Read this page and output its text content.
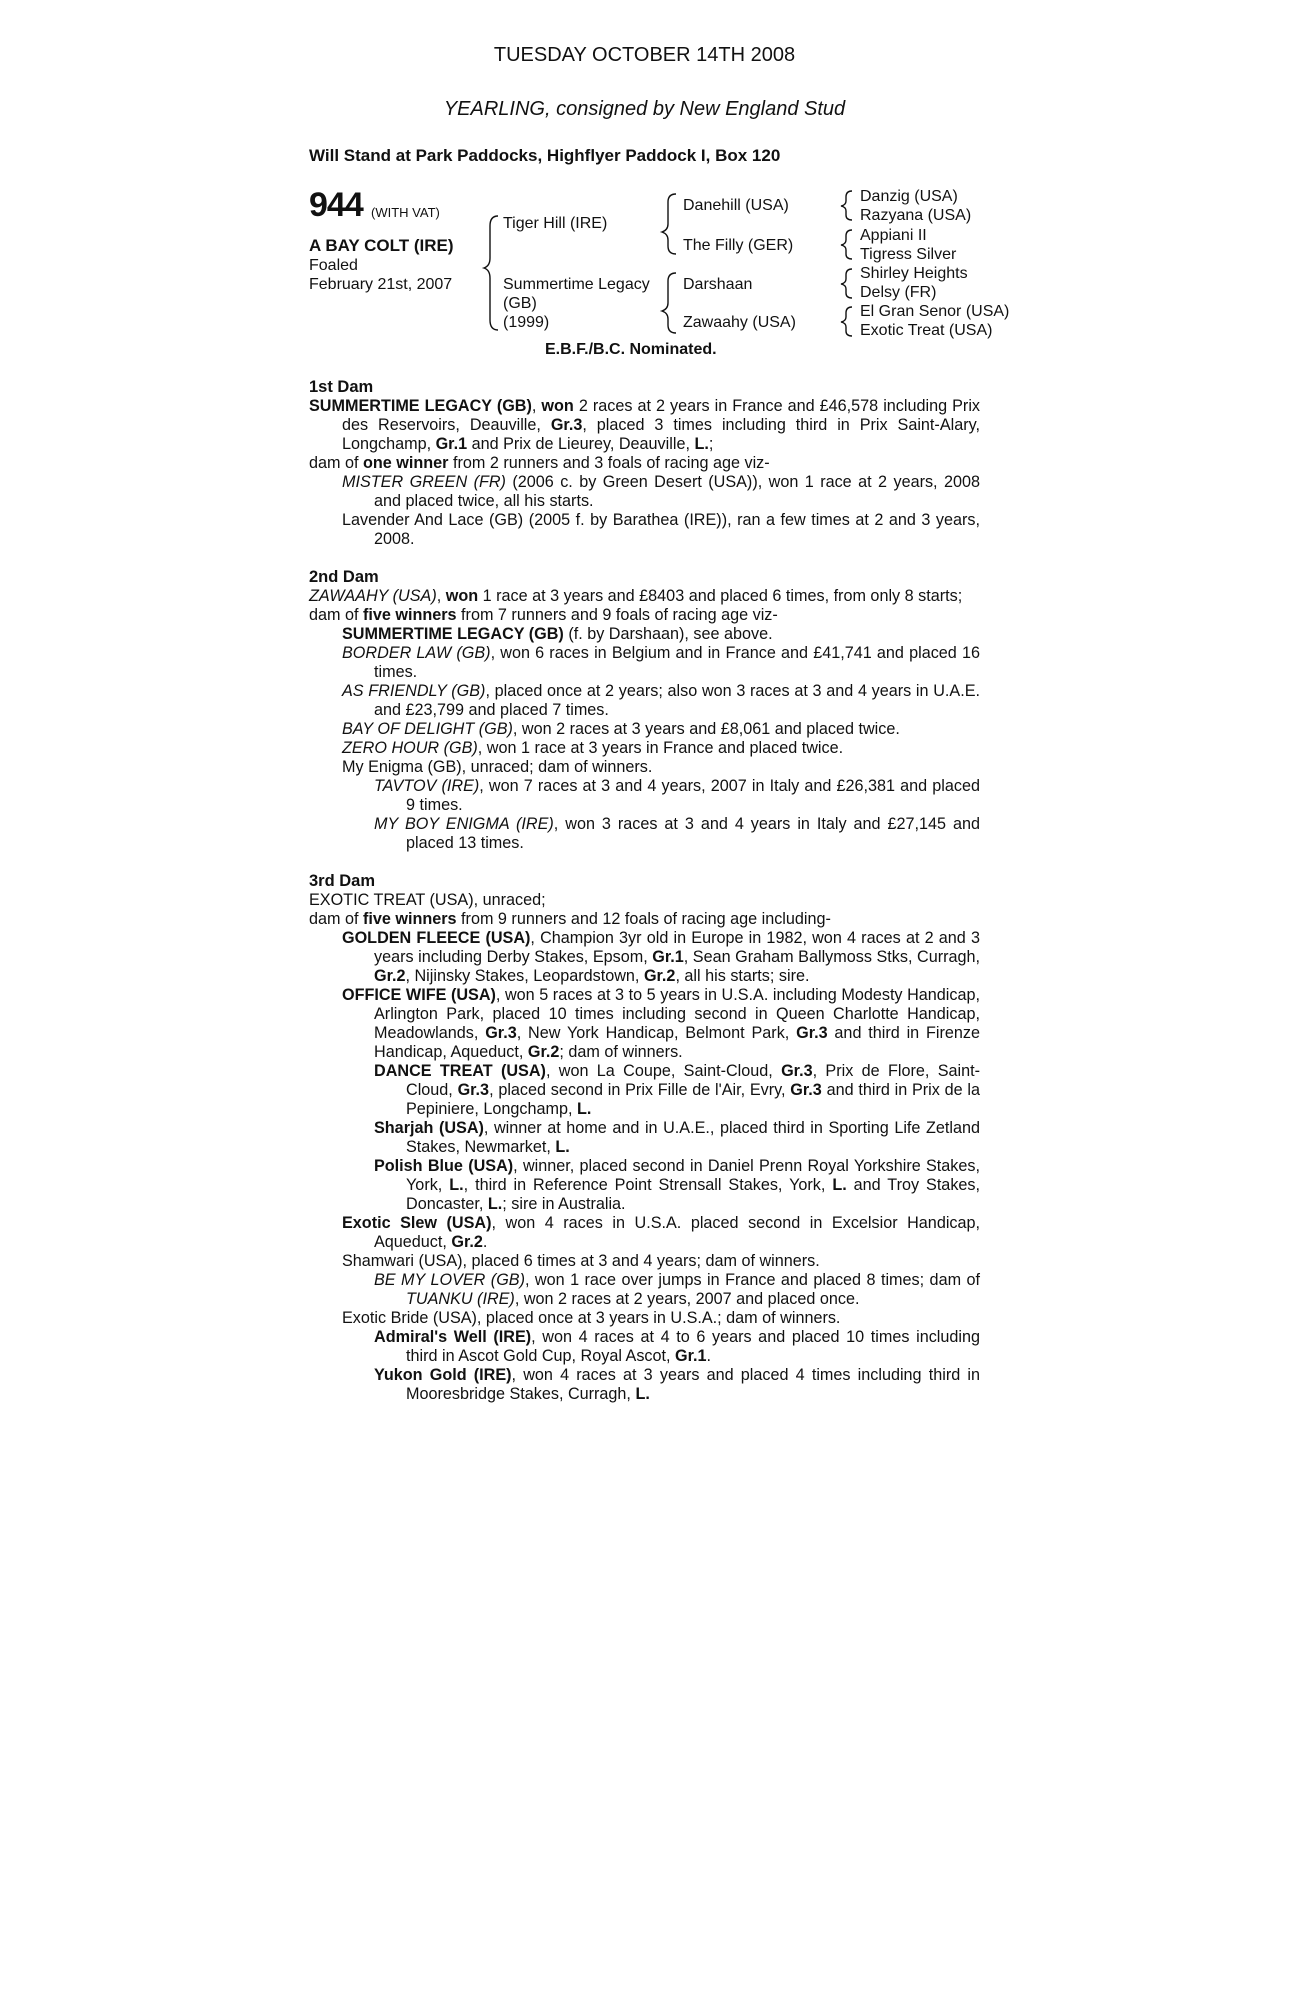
TUESDAY OCTOBER 14TH 2008
YEARLING, consigned by New England Stud
Will Stand at Park Paddocks, Highflyer Paddock I, Box 120
944 (WITH VAT)
A BAY COLT (IRE)
Foaled
February 21st, 2007
Tiger Hill (IRE)
Summertime Legacy
(GB)
(1999)
Danehill (USA)
The Filly (GER)
Darshaan
Zawaahy (USA)
Danzig (USA)
Razyana (USA)
Appiani II
Tigress Silver
Shirley Heights
Delsy (FR)
El Gran Senor (USA)
Exotic Treat (USA)
E.B.F./B.C. Nominated.

1st Dam

SUMMERTIME LEGACY (GB), won 2 races at 2 years in France and £46,578 including Prix des Reservoirs, Deauville, Gr.3, placed 3 times including third in Prix Saint-Alary, Longchamp, Gr.1 and Prix de Lieurey, Deauville, L.;

dam of one winner from 2 runners and 3 foals of racing age viz-

MISTER GREEN (FR) (2006 c. by Green Desert (USA)), won 1 race at 2 years, 2008 and placed twice, all his starts.

Lavender And Lace (GB) (2005 f. by Barathea (IRE)), ran a few times at 2 and 3 years, 2008.

2nd Dam

ZAWAAHY (USA), won 1 race at 3 years and £8403 and placed 6 times, from only 8 starts;

dam of five winners from 7 runners and 9 foals of racing age viz-

SUMMERTIME LEGACY (GB) (f. by Darshaan), see above.

BORDER LAW (GB), won 6 races in Belgium and in France and £41,741 and placed 16 times.

AS FRIENDLY (GB), placed once at 2 years; also won 3 races at 3 and 4 years in U.A.E. and £23,799 and placed 7 times.

BAY OF DELIGHT (GB), won 2 races at 3 years and £8,061 and placed twice.

ZERO HOUR (GB), won 1 race at 3 years in France and placed twice.

My Enigma (GB), unraced; dam of winners.

TAVTOV (IRE), won 7 races at 3 and 4 years, 2007 in Italy and £26,381 and placed 9 times.

MY BOY ENIGMA (IRE), won 3 races at 3 and 4 years in Italy and £27,145 and placed 13 times.

3rd Dam

EXOTIC TREAT (USA), unraced;

dam of five winners from 9 runners and 12 foals of racing age including-

GOLDEN FLEECE (USA), Champion 3yr old in Europe in 1982, won 4 races at 2 and 3 years including Derby Stakes, Epsom, Gr.1, Sean Graham Ballymoss Stks, Curragh, Gr.2, Nijinsky Stakes, Leopardstown, Gr.2, all his starts; sire.

OFFICE WIFE (USA), won 5 races at 3 to 5 years in U.S.A. including Modesty Handicap, Arlington Park, placed 10 times including second in Queen Charlotte Handicap, Meadowlands, Gr.3, New York Handicap, Belmont Park, Gr.3 and third in Firenze Handicap, Aqueduct, Gr.2; dam of winners.

DANCE TREAT (USA), won La Coupe, Saint-Cloud, Gr.3, Prix de Flore, Saint-Cloud, Gr.3, placed second in Prix Fille de l'Air, Evry, Gr.3 and third in Prix de la Pepiniere, Longchamp, L.

Sharjah (USA), winner at home and in U.A.E., placed third in Sporting Life Zetland Stakes, Newmarket, L.

Polish Blue (USA), winner, placed second in Daniel Prenn Royal Yorkshire Stakes, York, L., third in Reference Point Strensall Stakes, York, L. and Troy Stakes, Doncaster, L.; sire in Australia.

Exotic Slew (USA), won 4 races in U.S.A. placed second in Excelsior Handicap, Aqueduct, Gr.2.

Shamwari (USA), placed 6 times at 3 and 4 years; dam of winners.

BE MY LOVER (GB), won 1 race over jumps in France and placed 8 times; dam of TUANKU (IRE), won 2 races at 2 years, 2007 and placed once.

Exotic Bride (USA), placed once at 3 years in U.S.A.; dam of winners.

Admiral's Well (IRE), won 4 races at 4 to 6 years and placed 10 times including third in Ascot Gold Cup, Royal Ascot, Gr.1.

Yukon Gold (IRE), won 4 races at 3 years and placed 4 times including third in Mooresbridge Stakes, Curragh, L.
